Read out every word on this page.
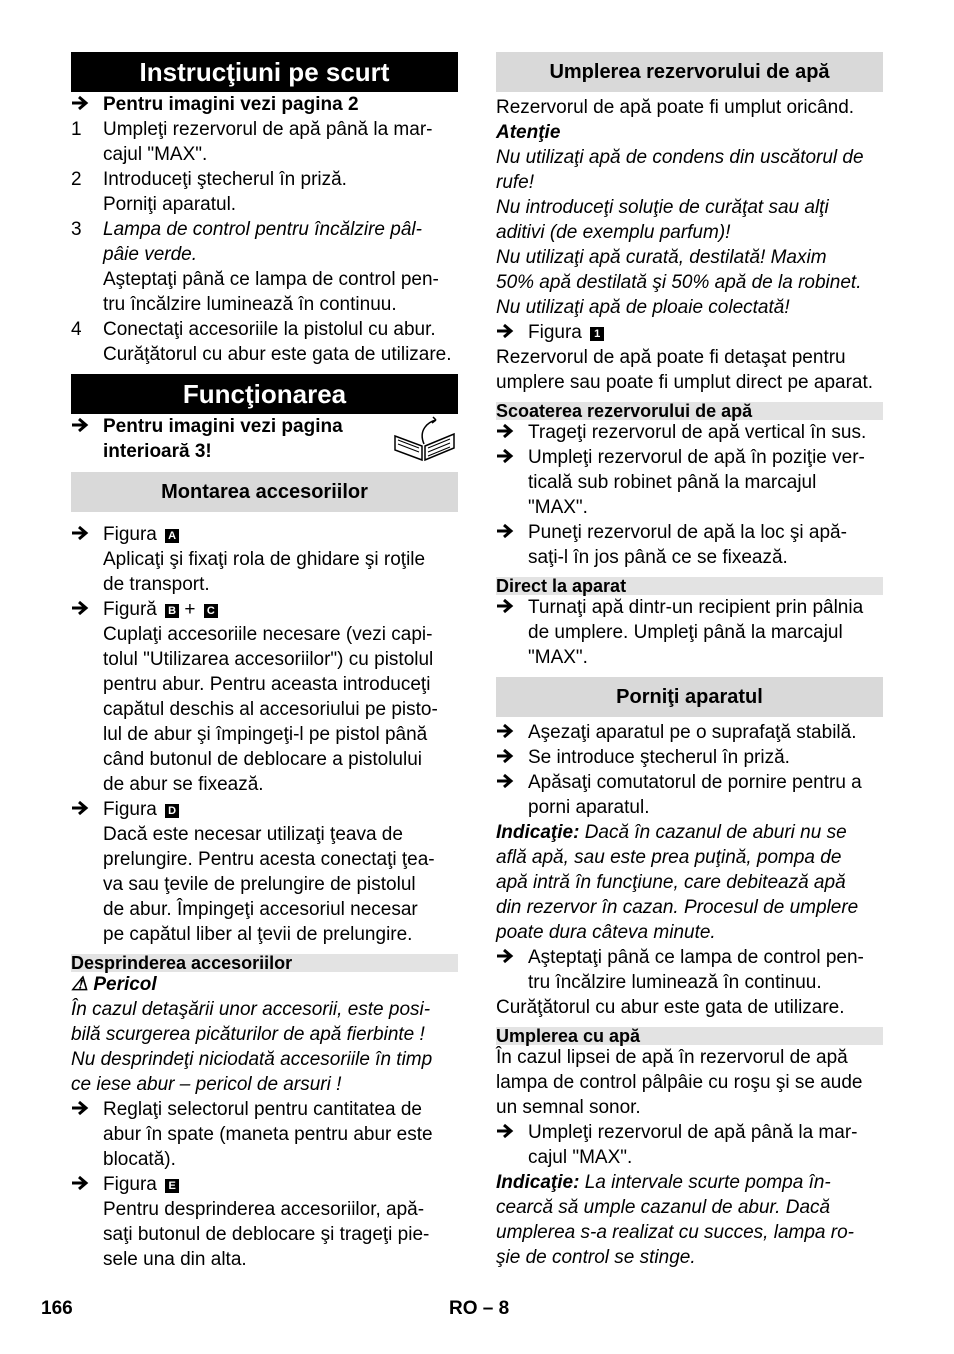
Instrucţiuni pe scurt
Pentru imagini vezi pagina 2
1 Umpleţi rezervorul de apă până la mar-
cajul "MAX".
2 Introduceţi ştecherul în priză.
Porniţi aparatul.
3 Lampa de control pentru încălzire pâl-
pâie verde.
Aşteptaţi până ce lampa de control pen-
tru încălzire luminează în continuu.
4 Conectaţi accesoriile la pistolul cu abur.
Curăţătorul cu abur este gata de utilizare.
Funcţionarea
Pentru imagini vezi pagina
interioară 3!
Montarea accesoriilor
Figura A
Aplicaţi şi fixaţi rola de ghidare şi roţile
de transport.
Figură B + C
Cuplaţi accesoriile necesare (vezi capi-
tolul "Utilizarea accesoriilor") cu pistolul
pentru abur. Pentru aceasta introduceţi
capătul deschis al accesoriului pe pisto-
lul de abur şi împingeţi-l pe pistol până
când butonul de deblocare a pistolului
de abur se fixează.
Figura D
Dacă este necesar utilizaţi ţeava de
prelungire. Pentru acesta conectaţi ţea-
va sau ţevile de prelungire de pistolul
de abur. Împingeţi accesoriul necesar
pe capătul liber al ţevii de prelungire.
Desprinderea accesoriilor
⚠ Pericol
În cazul detaşării unor accesorii, este posi-
bilă scurgerea picăturilor de apă fierbinte !
Nu desprindeţi niciodată accesoriile în timp
ce iese abur – pericol de arsuri !
Reglaţi selectorul pentru cantitatea de
abur în spate (maneta pentru abur este
blocată).
Figura E
Pentru desprinderea accesoriilor, apă-
saţi butonul de deblocare şi trageţi pie-
sele una din alta.
Umplerea rezervorului de apă
Rezervorul de apă poate fi umplut oricând.
Atenţie
Nu utilizaţi apă de condens din uscătorul de
rufe!
Nu introduceţi soluţie de curăţat sau alţi
aditivi (de exemplu parfum)!
Nu utilizaţi apă curată, destilată! Maxim
50% apă destilată şi 50% apă de la robinet.
Nu utilizaţi apă de ploaie colectată!
Figura 1
Rezervorul de apă poate fi detaşat pentru
umplere sau poate fi umplut direct pe aparat.
Scoaterea rezervorului de apă
Trageţi rezervorul de apă vertical în sus.
Umpleţi rezervorul de apă în poziţie ver-
ticală sub robinet până la marcajul
"MAX".
Puneţi rezervorul de apă la loc şi apă-
saţi-l în jos până ce se fixează.
Direct la aparat
Turnaţi apă dintr-un recipient prin pâlnia
de umplere. Umpleţi până la marcajul
"MAX".
Porniţi aparatul
Aşezaţi aparatul pe o suprafaţă stabilă.
Se introduce ştecherul în priză.
Apăsaţi comutatorul de pornire pentru a
porni aparatul.
Indicaţie: Dacă în cazanul de aburi nu se
află apă, sau este prea puţină, pompa de
apă intră în funcţiune, care debitează apă
din rezervor în cazan. Procesul de umplere
poate dura câteva minute.
Aşteptaţi până ce lampa de control pen-
tru încălzire luminează în continuu.
Curăţătorul cu abur este gata de utilizare.
Umplerea cu apă
În cazul lipsei de apă în rezervorul de apă
lampa de control pâlpâie cu roşu şi se aude
un semnal sonor.
Umpleţi rezervorul de apă până la mar-
cajul "MAX".
Indicaţie: La intervale scurte pompa în-
cearcă să umple cazanul de abur. Dacă
umplerea s-a realizat cu succes, lampa ro-
şie de control se stinge.
166	RO – 8
